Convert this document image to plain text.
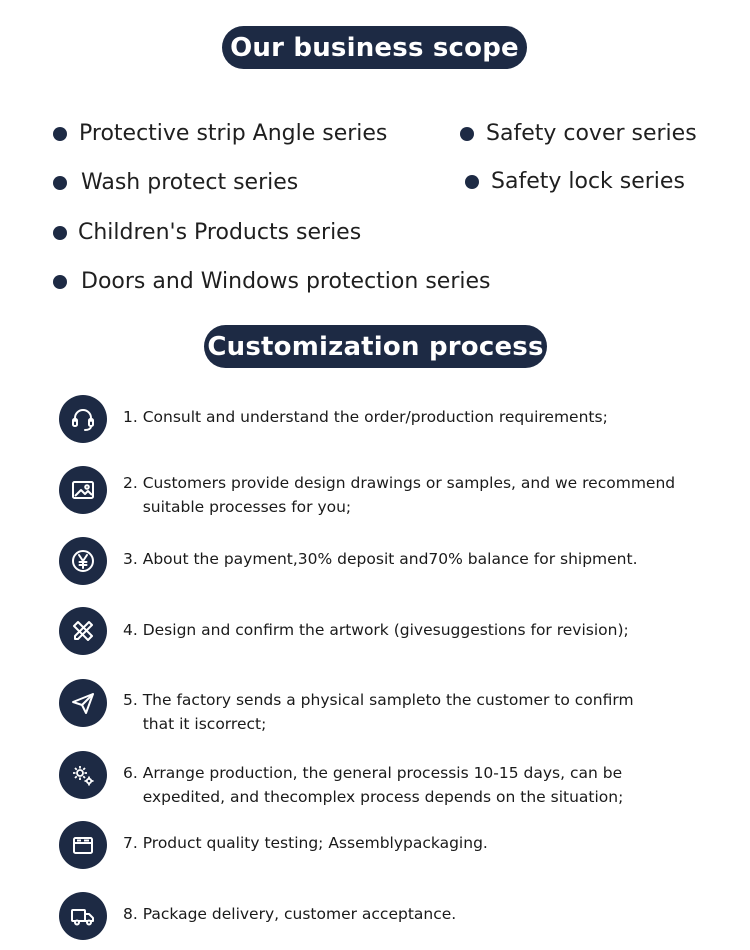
Our business scope
Protective strip Angle series	Safety cover series
Wash protect series	Safety lock series
Children's Products series
Doors and Windows protection series
Customization process
1. Consult and understand the order/production requirements;
2. Customers provide design drawings or samples, and we recommend
suitable processes for you;
3. About the payment,30% deposit and70% balance for shipment.
4. Design and confirm the artwork (givesuggestions for revision);
5. The factory sends a physical sampleto the customer to confirm
that it iscorrect;
6. Arrange production, the general processis 10-15 days, can be
expedited, and thecomplex process depends on the situation;
7. Product quality testing; Assemblypackaging.
8. Package delivery, customer acceptance.
